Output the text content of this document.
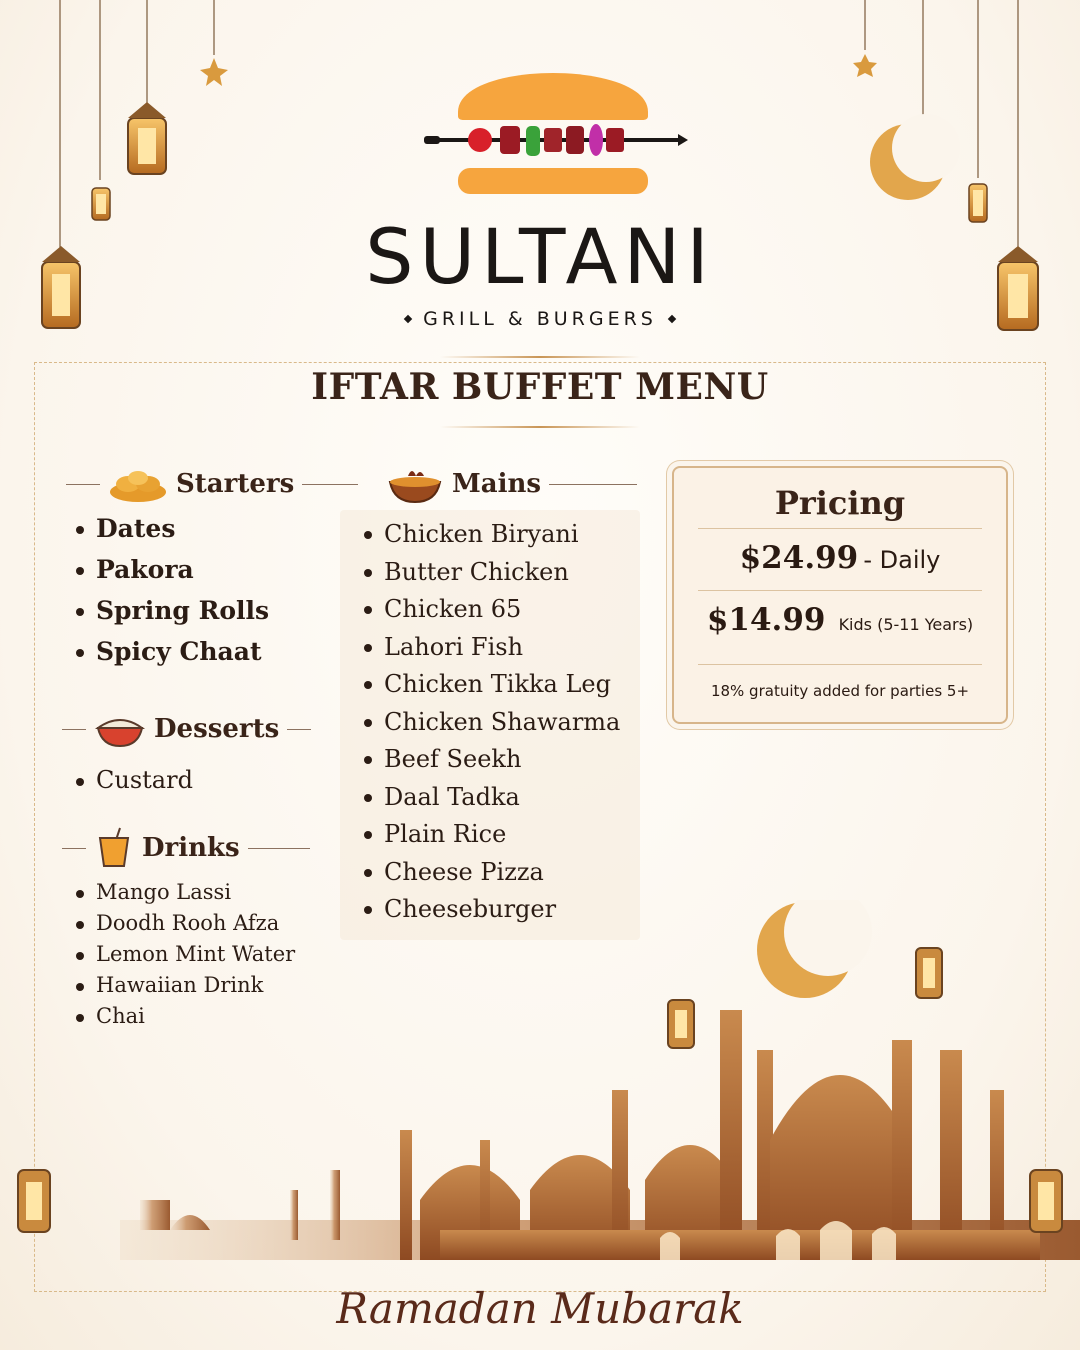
SULTANI
GRILL & BURGERS
IFTAR BUFFET MENU
Starters
Dates
Pakora
Spring Rolls
Spicy Chaat
Desserts
Custard
Drinks
Mango Lassi
Doodh Rooh Afza
Lemon Mint Water
Hawaiian Drink
Chai
Mains
Chicken Biryani
Butter Chicken
Chicken 65
Lahori Fish
Chicken Tikka Leg
Chicken Shawarma
Beef Seekh
Daal Tadka
Plain Rice
Cheese Pizza
Cheeseburger
Pricing
$24.99 - Daily
$14.99 Kids (5-11 Years)
18% gratuity added for parties 5+
Ramadan Mubarak
